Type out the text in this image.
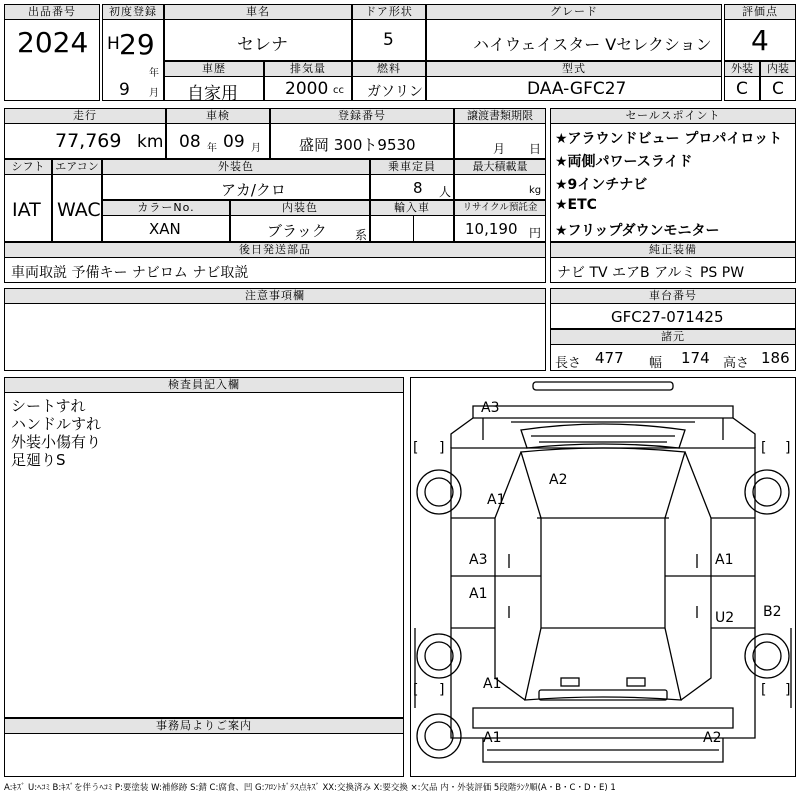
出品番号
2024
初度登録
H 29
年
9 月
車名
セレナ
ドア形状
5
グレード
ハイウェイスター Vセレクション
評価点
4
車歴
自家用
排気量
2000 cc
燃料
ガソリン
型式
DAA-GFC27
外装
C
内装
C
走行
77,769 km
車検
08 年 09 月
登録番号
盛岡 300ト9530
譲渡書類期限
月 日
シフト
IAT
エアコン
WAC
外装色
アカ/クロ
乗車定員
8 人
最大積載量
kg
カラーNo.
XAN
内装色
ブラック 系
輸入車	リサイクル預託金
10,190 円
セールスポイント
★アラウンドビュー プロパイロット
★両側パワースライド
★9インチナビ
★ETC
★フリップダウンモニター
後日発送部品
車両取説 予備キー ナビロム ナビ取説
純正装備
ナビ TV エアB アルミ PS PW
注意事項欄	車台番号
GFC27-071425
諸元
長さ 477 幅 174 高さ 186
検査員記入欄
シートすれ
ハンドルすれ
外装小傷有り
足廻りS
事務局よりご案内
A3
A2
A1
A3	A1
A1
U2 B2
A1
A1	A2
[ ]	[ ]
[ ]	[ ]
A:ｷｽﾞ U:ﾍｺﾐ B:ｷｽﾞを伴うﾍｺﾐ P:要塗装 W:補修跡 S:錆 C:腐食、凹 G:ﾌﾛﾝﾄｶﾞﾗｽ点ｷｽﾞ XX:交換済み X:要交換 ×:欠品 内・外装評価 5段階ﾗﾝｸ順(A・B・C・D・E) 1
